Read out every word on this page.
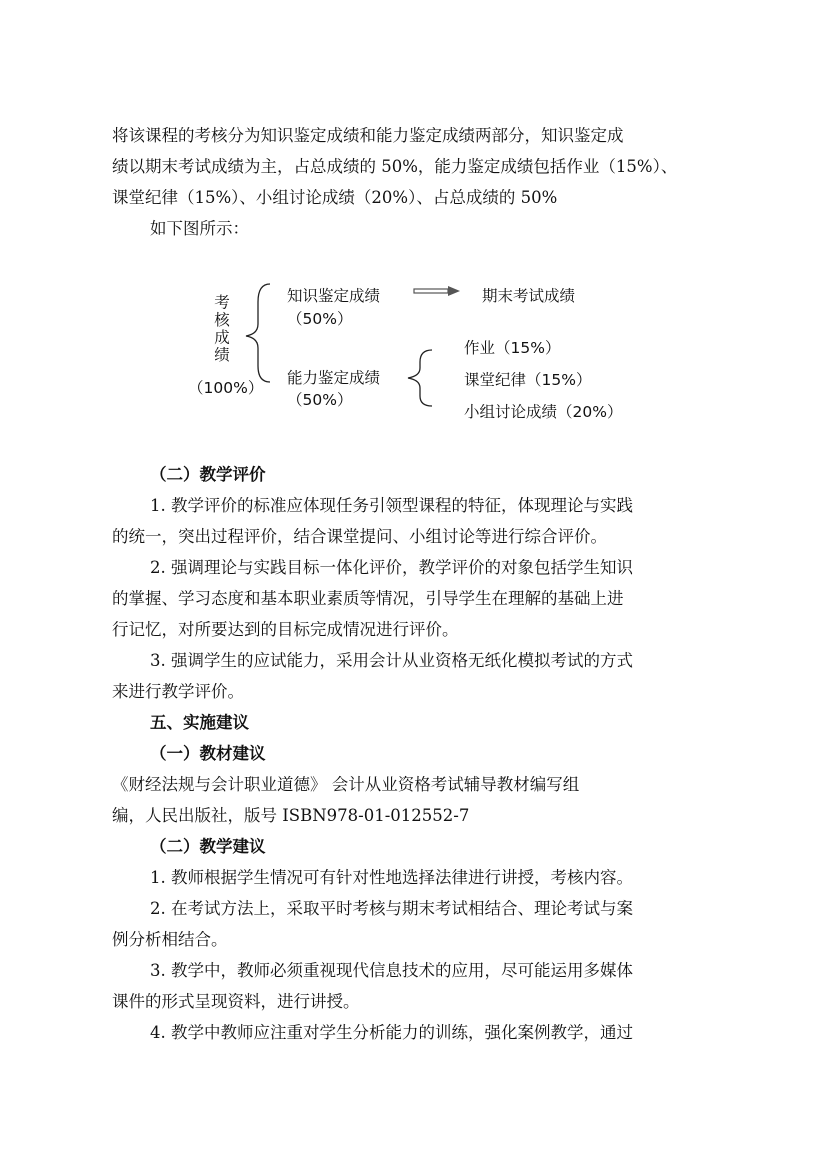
将该课程的考核分为知识鉴定成绩和能力鉴定成绩两部分，知识鉴定成
绩以期末考试成绩为主，占总成绩的 50%，能力鉴定成绩包括作业（15%）、
课堂纪律（15%）、小组讨论成绩（20%）、占总成绩的 50%
如下图所示：
考核成绩
（100%）
知识鉴定成绩
（50%）
期末考试成绩
能力鉴定成绩
（50%）
作业（15%）
课堂纪律（15%）
小组讨论成绩（20%）
（二）教学评价
1. 教学评价的标准应体现任务引领型课程的特征，体现理论与实践
的统一，突出过程评价，结合课堂提问、小组讨论等进行综合评价。
2. 强调理论与实践目标一体化评价，教学评价的对象包括学生知识
的掌握、学习态度和基本职业素质等情况，引导学生在理解的基础上进
行记忆，对所要达到的目标完成情况进行评价。
3. 强调学生的应试能力，采用会计从业资格无纸化模拟考试的方式
来进行教学评价。
五、实施建议
（一）教材建议
《财经法规与会计职业道德》 会计从业资格考试辅导教材编写组
编，人民出版社，版号 ISBN978-01-012552-7
（二）教学建议
1. 教师根据学生情况可有针对性地选择法律进行讲授，考核内容。
2. 在考试方法上，采取平时考核与期末考试相结合、理论考试与案
例分析相结合。
3. 教学中，教师必须重视现代信息技术的应用，尽可能运用多媒体
课件的形式呈现资料，进行讲授。
4. 教学中教师应注重对学生分析能力的训练，强化案例教学，通过
